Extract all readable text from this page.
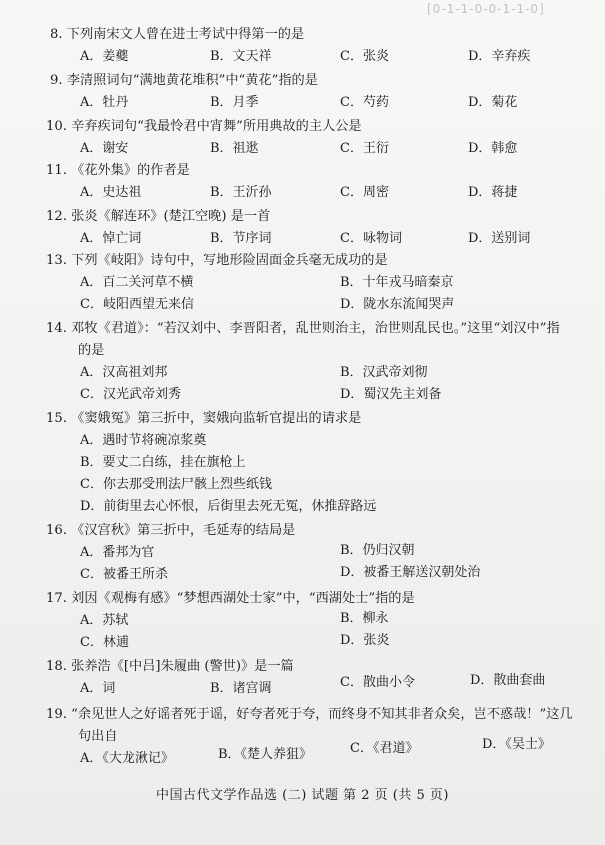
[0-1-1-0-0-1-1-0]
8. 下列南宋文人曾在进士考试中得第一的是
A．姜夔	B．文天祥	C．张炎	D．辛弃疾
9. 李清照词句“满地黄花堆积”中“黄花”指的是
A．牡丹	B．月季	C．芍药	D．菊花
10. 辛弃疾词句“我最怜君中宵舞”所用典故的主人公是
A．谢安	B．祖逖	C．王衍	D．韩愈
11. 《花外集》的作者是
A．史达祖	B．王沂孙	C．周密	D．蒋捷
12. 张炎《解连环》(楚江空晚) 是一首
A．悼亡词	B．节序词	C．咏物词	D．送别词
13. 下列《岐阳》诗句中，写地形险固面金兵毫无成功的是
A．百二关河草不横	B．十年戎马暗秦京
C．岐阳西望无来信	D．陇水东流闻哭声
14. 邓牧《君道》：“若汉刘中、李晋阳者，乱世则治主，治世则乱民也。”这里“刘汉中”指
的是
A．汉高祖刘邦	B．汉武帝刘彻
C．汉光武帝刘秀	D．蜀汉先主刘备
15. 《窦娥冤》第三折中，窦娥向监斩官提出的请求是
A．遇时节将碗凉浆奠
B．要丈二白练，挂在旗枪上
C．你去那受刑法尸骸上烈些纸钱
D．前街里去心怀恨，后街里去死无冤，休推辞路远
16. 《汉宫秋》第三折中，毛延寿的结局是
A．番邦为官	B．仍归汉朝
C．被番王所杀	D．被番王解送汉朝处治
17. 刘因《观梅有感》“梦想西湖处士家”中，“西湖处士”指的是
A．苏轼	B．柳永
C．林逋	D．张炎
18. 张养浩《[中吕]朱履曲 (警世)》是一篇
A．词	B．诸宫调	C．散曲小令	D．散曲套曲
19. “余见世人之好谣者死于谣，好夸者死于夸，而终身不知其非者众矣，岂不惑哉！”这几
句出自
A．《大龙湫记》	B．《楚人养狙》	C．《君道》	D．《吴士》
中国古代文学作品选 (二) 试题 第 2 页 (共 5 页)
